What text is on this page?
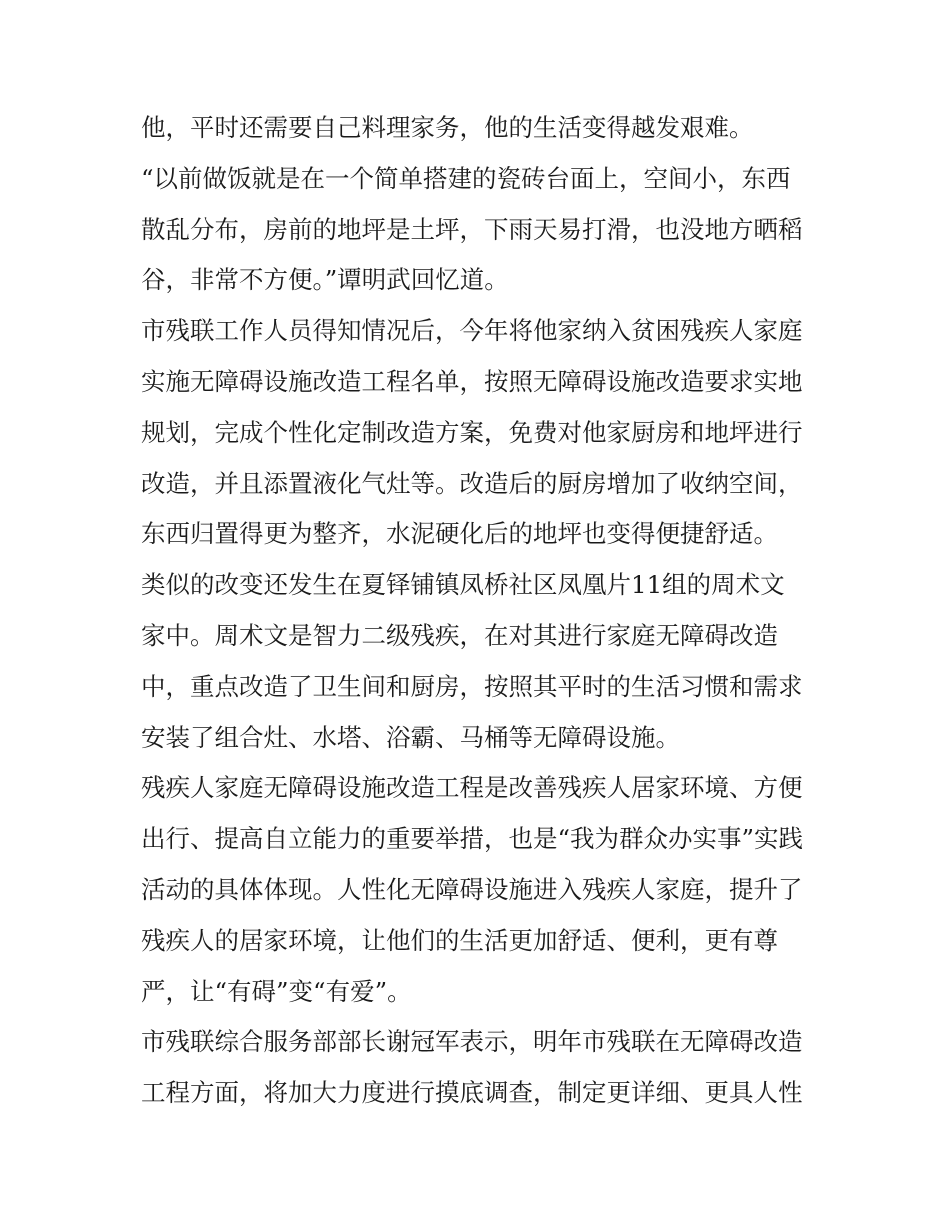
他，平时还需要自己料理家务，他的生活变得越发艰难。
“以前做饭就是在一个简单搭建的瓷砖台面上，空间小，东西
散乱分布，房前的地坪是土坪，下雨天易打滑，也没地方晒稻
谷，非常不方便。”谭明武回忆道。
市残联工作人员得知情况后，今年将他家纳入贫困残疾人家庭
实施无障碍设施改造工程名单，按照无障碍设施改造要求实地
规划，完成个性化定制改造方案，免费对他家厨房和地坪进行
改造，并且添置液化气灶等。改造后的厨房增加了收纳空间，
东西归置得更为整齐，水泥硬化后的地坪也变得便捷舒适。
类似的改变还发生在夏铎铺镇凤桥社区凤凰片11组的周术文
家中。周术文是智力二级残疾，在对其进行家庭无障碍改造
中，重点改造了卫生间和厨房，按照其平时的生活习惯和需求
安装了组合灶、水塔、浴霸、马桶等无障碍设施。
残疾人家庭无障碍设施改造工程是改善残疾人居家环境、方便
出行、提高自立能力的重要举措，也是“我为群众办实事”实践
活动的具体体现。人性化无障碍设施进入残疾人家庭，提升了
残疾人的居家环境，让他们的生活更加舒适、便利，更有尊
严，让“有碍”变“有爱”。
市残联综合服务部部长谢冠军表示，明年市残联在无障碍改造
工程方面，将加大力度进行摸底调查，制定更详细、更具人性
